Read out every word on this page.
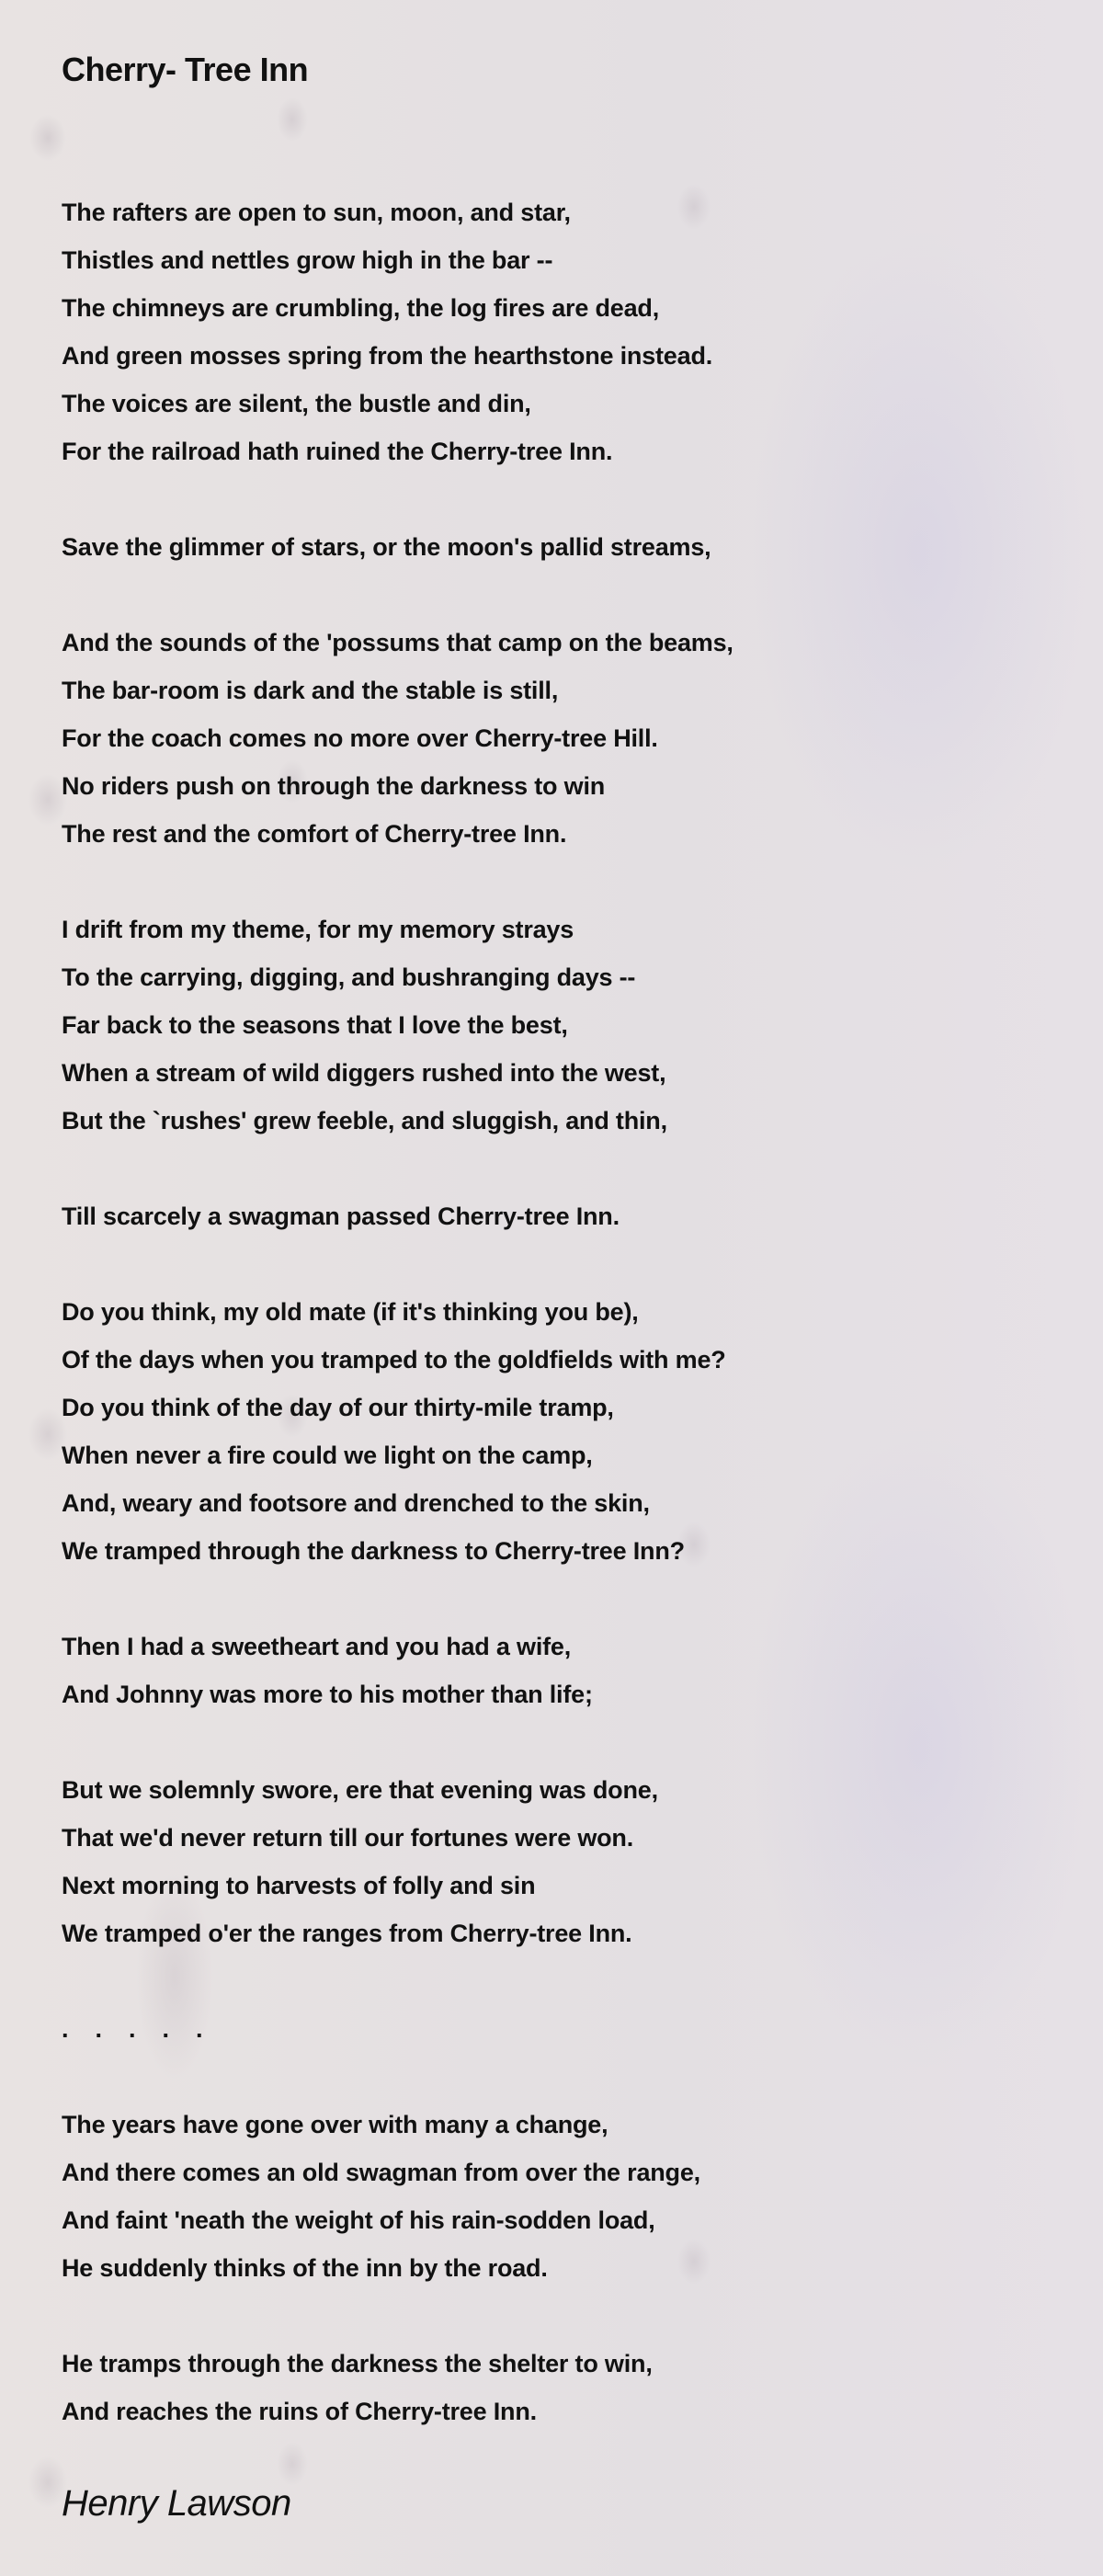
Cherry- Tree Inn
The rafters are open to sun, moon, and star,
Thistles and nettles grow high in the bar --
The chimneys are crumbling, the log fires are dead,
And green mosses spring from the hearthstone instead.
The voices are silent, the bustle and din,
For the railroad hath ruined the Cherry-tree Inn.
Save the glimmer of stars, or the moon's pallid streams,
And the sounds of the 'possums that camp on the beams,
The bar-room is dark and the stable is still,
For the coach comes no more over Cherry-tree Hill.
No riders push on through the darkness to win
The rest and the comfort of Cherry-tree Inn.
I drift from my theme, for my memory strays
To the carrying, digging, and bushranging days --
Far back to the seasons that I love the best,
When a stream of wild diggers rushed into the west,
But the `rushes' grew feeble, and sluggish, and thin,
Till scarcely a swagman passed Cherry-tree Inn.
Do you think, my old mate (if it's thinking you be),
Of the days when you tramped to the goldfields with me?
Do you think of the day of our thirty-mile tramp,
When never a fire could we light on the camp,
And, weary and footsore and drenched to the skin,
We tramped through the darkness to Cherry-tree Inn?
Then I had a sweetheart and you had a wife,
And Johnny was more to his mother than life;
But we solemnly swore, ere that evening was done,
That we'd never return till our fortunes were won.
Next morning to harvests of folly and sin
We tramped o'er the ranges from Cherry-tree Inn.
.    .    .    .    .
The years have gone over with many a change,
And there comes an old swagman from over the range,
And faint 'neath the weight of his rain-sodden load,
He suddenly thinks of the inn by the road.
He tramps through the darkness the shelter to win,
And reaches the ruins of Cherry-tree Inn.

Henry Lawson
